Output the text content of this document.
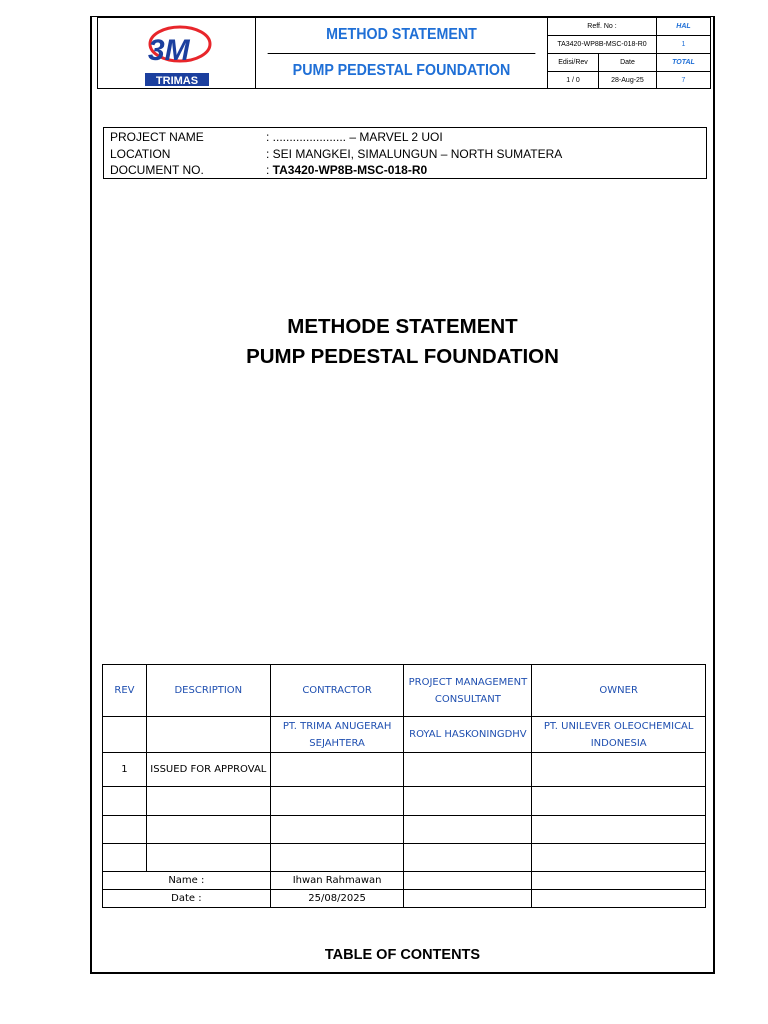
3M
TRIMAS
METHOD STATEMENT
PUMP PEDESTAL FOUNDATION
Reff. No :	HAL
TA3420-WP8B-MSC-018-R0	1
Edisi/Rev	Date	TOTAL
1 / 0	28-Aug-25	7
PROJECT NAME	: ...................... – MARVEL 2 UOI
LOCATION	: SEI MANGKEI, SIMALUNGUN – NORTH SUMATERA
DOCUMENT NO.	: TA3420-WP8B-MSC-018-R0
METHODE STATEMENT
PUMP PEDESTAL FOUNDATION
REV	DESCRIPTION	CONTRACTOR	PROJECT MANAGEMENT CONSULTANT	OWNER
		PT. TRIMA ANUGERAH SEJAHTERA	ROYAL HASKONINGDHV	PT. UNILEVER OLEOCHEMICAL INDONESIA
1	ISSUED FOR APPROVAL			

Name :		Ihwan Rahmawan		
Date :		25/08/2025		
TABLE OF CONTENTS
